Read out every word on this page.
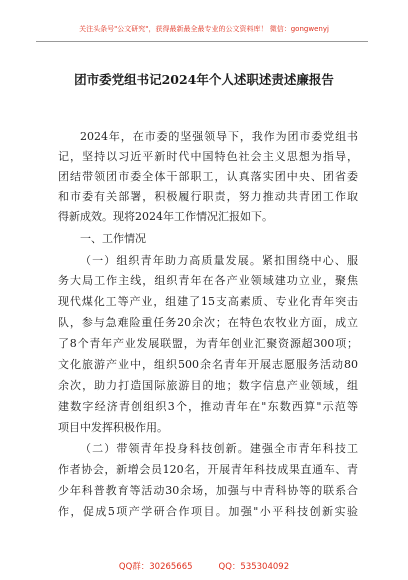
关注头条号"公文研究"，获得最新最全最专业的公文资料库！ 微信：gongwenyj
团市委党组书记2024年个人述职述责述廉报告
2024年，在市委的坚强领导下，我作为团市委党组书
记，坚持以习近平新时代中国特色社会主义思想为指导，
团结带领团市委全体干部职工，认真落实团中央、团省委
和市委有关部署，积极履行职责，努力推动共青团工作取
得新成效。现将2024年工作情况汇报如下。
一、工作情况
（一）组织青年助力高质量发展。紧扣围绕中心、服
务大局工作主线，组织青年在各产业领域建功立业，聚焦
现代煤化工等产业，组建了15支高素质、专业化青年突击
队，参与急难险重任务20余次；在特色农牧业方面，成立
了8个青年产业发展联盟，为青年创业汇聚资源超300项；
文化旅游产业中，组织500余名青年开展志愿服务活动80
余次，助力打造国际旅游目的地；数字信息产业领域，组
建数字经济青创组织3个，推动青年在"东数西算"示范等
项目中发挥积极作用。
（二）带领青年投身科技创新。建强全市青年科技工
作者协会，新增会员120名，开展青年科技成果直通车、青
少年科普教育等活动30余场，加强与中青科协等的联系合
作，促成5项产学研合作项目。加强"小平科技创新实验
QQ群：30265665	QQ：535304092
